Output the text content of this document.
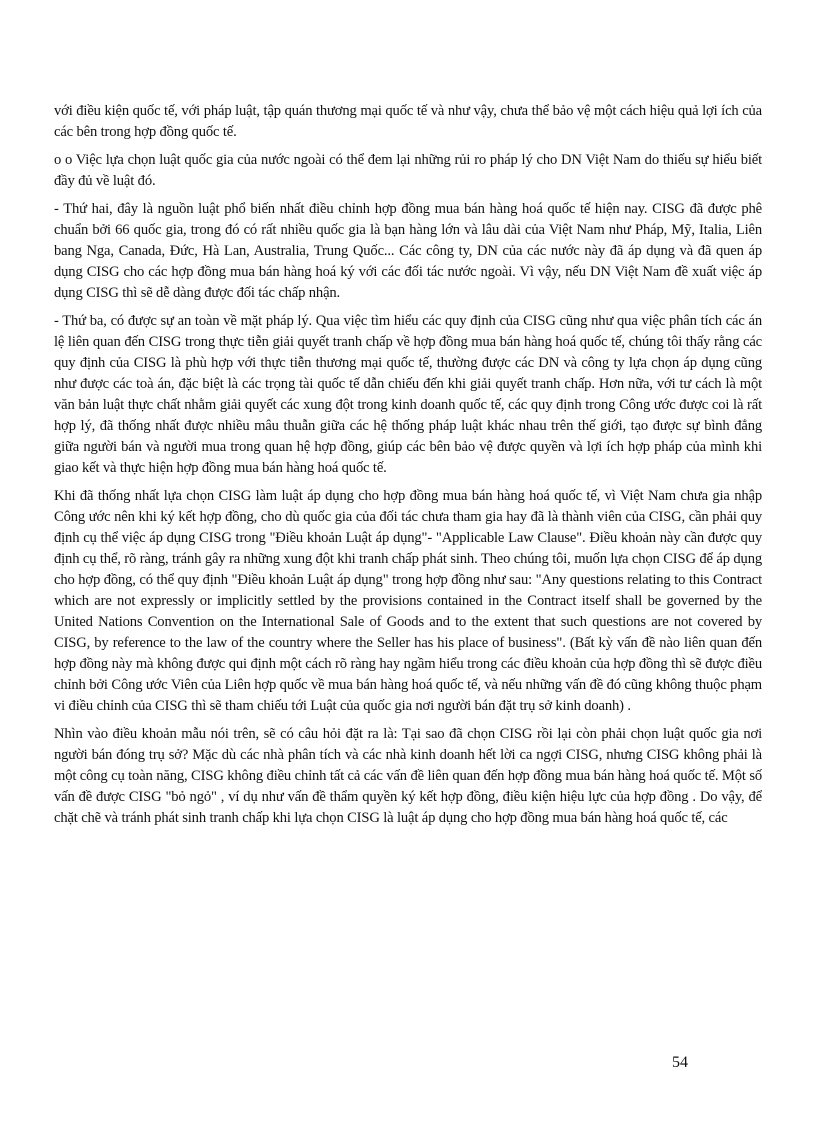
với điều kiện quốc tế, với pháp luật, tập quán thương mại quốc tế và như vậy, chưa thể bảo vệ một cách hiệu quả lợi ích của các bên trong hợp đồng quốc tế.

o o Việc lựa chọn luật quốc gia của nước ngoài có thể đem lại những rủi ro pháp lý cho DN Việt Nam do thiếu sự hiểu biết đầy đủ về luật đó.

- Thứ hai, đây là nguồn luật phổ biến nhất điều chỉnh hợp đồng mua bán hàng hoá quốc tế hiện nay. CISG đã được phê chuẩn bởi 66 quốc gia, trong đó có rất nhiều quốc gia là bạn hàng lớn và lâu dài của Việt Nam như Pháp, Mỹ, Italia, Liên bang Nga, Canada, Đức, Hà Lan, Australia, Trung Quốc... Các công ty, DN của các nước này đã áp dụng và đã quen áp dụng CISG cho các hợp đồng mua bán hàng hoá ký với các đối tác nước ngoài. Vì vậy, nếu DN Việt Nam đề xuất việc áp dụng CISG thì sẽ dễ dàng được đối tác chấp nhận.

- Thứ ba, có được sự an toàn về mặt pháp lý. Qua việc tìm hiểu các quy định của CISG cũng như qua việc phân tích các án lệ liên quan đến CISG trong thực tiễn giải quyết tranh chấp về hợp đồng mua bán hàng hoá quốc tế, chúng tôi thấy rằng các quy định của CISG là phù hợp với thực tiễn thương mại quốc tế, thường được các DN và công ty lựa chọn áp dụng cũng như được các toà án, đặc biệt là các trọng tài quốc tế dẫn chiếu đến khi giải quyết tranh chấp. Hơn nữa, với tư cách là một văn bản luật thực chất nhằm giải quyết các xung đột trong kinh doanh quốc tế, các quy định trong Công ước được coi là rất hợp lý, đã thống nhất được nhiều mâu thuẫn giữa các hệ thống pháp luật khác nhau trên thế giới, tạo được sự bình đẳng giữa người bán và người mua trong quan hệ hợp đồng, giúp các bên bảo vệ được quyền và lợi ích hợp pháp của mình khi giao kết và thực hiện hợp đồng mua bán hàng hoá quốc tế.

Khi đã thống nhất lựa chọn CISG làm luật áp dụng cho hợp đồng mua bán hàng hoá quốc tế, vì Việt Nam chưa gia nhập Công ước nên khi ký kết hợp đồng, cho dù quốc gia của đối tác chưa tham gia hay đã là thành viên của CISG, cần phải quy định cụ thể việc áp dụng CISG trong "Điều khoản Luật áp dụng"- "Applicable Law Clause". Điều khoản này cần được quy định cụ thể, rõ ràng, tránh gây ra những xung đột khi tranh chấp phát sinh. Theo chúng tôi, muốn lựa chọn CISG để áp dụng cho hợp đồng, có thể quy định "Điều khoản Luật áp dụng" trong hợp đồng như sau: "Any questions relating to this Contract which are not expressly or implicitly settled by the provisions contained in the Contract itself shall be governed by the United Nations Convention on the International Sale of Goods and to the extent that such questions are not covered by CISG, by reference to the law of the country where the Seller has his place of business". (Bất kỳ vấn đề nào liên quan đến hợp đồng này mà không được qui định một cách rõ ràng hay ngầm hiểu trong các điều khoản của hợp đồng thì sẽ được điều chỉnh bởi Công ước Viên của Liên hợp quốc về mua bán hàng hoá quốc tế, và nếu những vấn đề đó cũng không thuộc phạm vi điều chỉnh của CISG thì sẽ tham chiếu tới Luật của quốc gia nơi người bán đặt trụ sở kinh doanh) .

Nhìn vào điều khoản mẫu nói trên, sẽ có câu hỏi đặt ra là: Tại sao đã chọn CISG rồi lại còn phải chọn luật quốc gia nơi người bán đóng trụ sở? Mặc dù các nhà phân tích và các nhà kinh doanh hết lời ca ngợi CISG, nhưng CISG không phải là một công cụ toàn năng, CISG không điều chỉnh tất cả các vấn đề liên quan đến hợp đồng mua bán hàng hoá quốc tế. Một số vấn đề được CISG "bỏ ngỏ" , ví dụ như vấn đề thẩm quyền ký kết hợp đồng, điều kiện hiệu lực của hợp đồng . Do vậy, để chặt chẽ và tránh phát sinh tranh chấp khi lựa chọn CISG là luật áp dụng cho hợp đồng mua bán hàng hoá quốc tế, các

54
